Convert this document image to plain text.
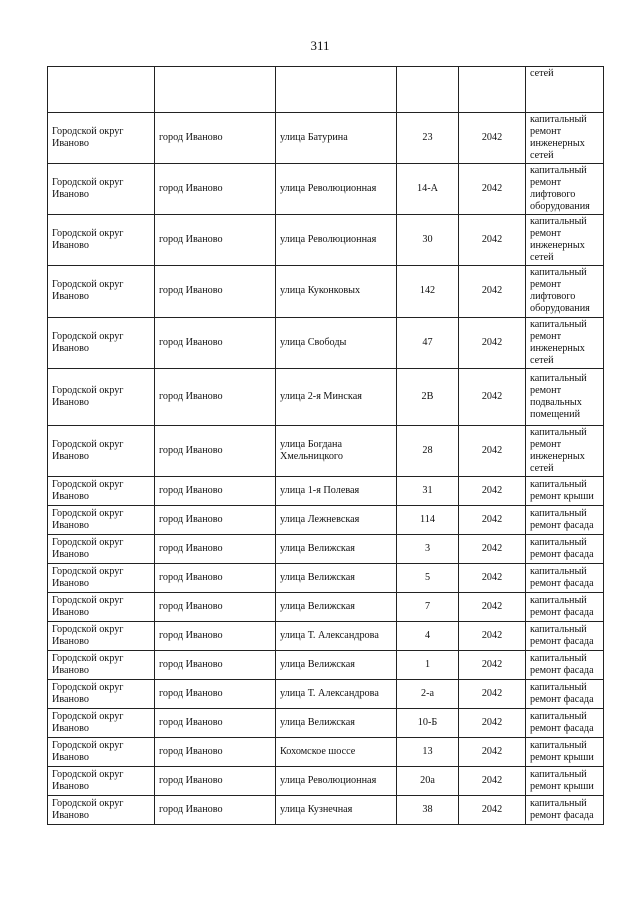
311
					сетей
Городской округ Иваново	город Иваново	улица Батурина	23	2042	капитальный ремонт инженерных сетей
Городской округ Иваново	город Иваново	улица Революционная	14-А	2042	капитальный ремонт лифтового оборудования
Городской округ Иваново	город Иваново	улица Революционная	30	2042	капитальный ремонт инженерных сетей
Городской округ Иваново	город Иваново	улица Куконковых	142	2042	капитальный ремонт лифтового оборудования
Городской округ Иваново	город Иваново	улица Свободы	47	2042	капитальный ремонт инженерных сетей
Городской округ Иваново	город Иваново	улица 2-я Минская	2В	2042	капитальный ремонт подвальных помещений
Городской округ Иваново	город Иваново	улица Богдана Хмельницкого	28	2042	капитальный ремонт инженерных сетей
Городской округ Иваново	город Иваново	улица 1-я Полевая	31	2042	капитальный ремонт крыши
Городской округ Иваново	город Иваново	улица Лежневская	114	2042	капитальный ремонт фасада
Городской округ Иваново	город Иваново	улица Велижская	3	2042	капитальный ремонт фасада
Городской округ Иваново	город Иваново	улица Велижская	5	2042	капитальный ремонт фасада
Городской округ Иваново	город Иваново	улица Велижская	7	2042	капитальный ремонт фасада
Городской округ Иваново	город Иваново	улица Т. Александрова	4	2042	капитальный ремонт фасада
Городской округ Иваново	город Иваново	улица Велижская	1	2042	капитальный ремонт фасада
Городской округ Иваново	город Иваново	улица Т. Александрова	2-а	2042	капитальный ремонт фасада
Городской округ Иваново	город Иваново	улица Велижская	10-Б	2042	капитальный ремонт фасада
Городской округ Иваново	город Иваново	Кохомское шоссе	13	2042	капитальный ремонт крыши
Городской округ Иваново	город Иваново	улица Революционная	20а	2042	капитальный ремонт крыши
Городской округ Иваново	город Иваново	улица Кузнечная	38	2042	капитальный ремонт фасада
